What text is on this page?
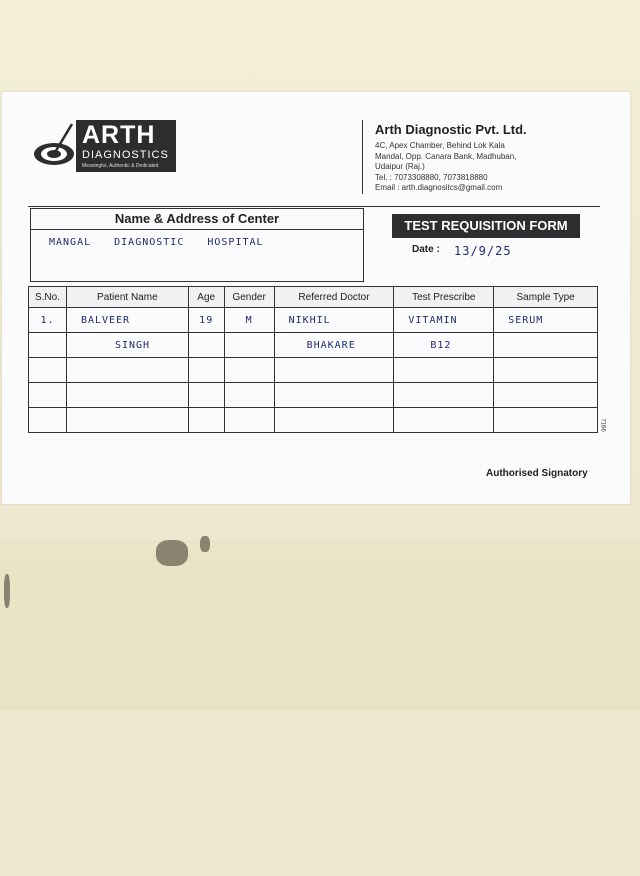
ARTH
DIAGNOSTICS
Meaningful, Authentic & Dedicated
Arth Diagnostic Pvt. Ltd.
4C, Apex Chamber, Behind Lok Kala
Mandal, Opp. Canara Bank, Madhuban,
Udaipur (Raj.)
Tel. : 7073308880, 7073818880
Email : arth.diagnositcs@gmail.com
Name & Address of Center
MANGAL DIAGNOSTIC HOSPITAL
TEST REQUISITION FORM
Date : 13/9/25
S.No.	Patient Name	Age	Gender	Referred Doctor	Test Prescribe	Sample Type

1.	BALVEER	19	M	NIKHIL	VITAMIN	SERUM

	SINGH			BHAKARE	B12	

7166
Authorised Signatory
